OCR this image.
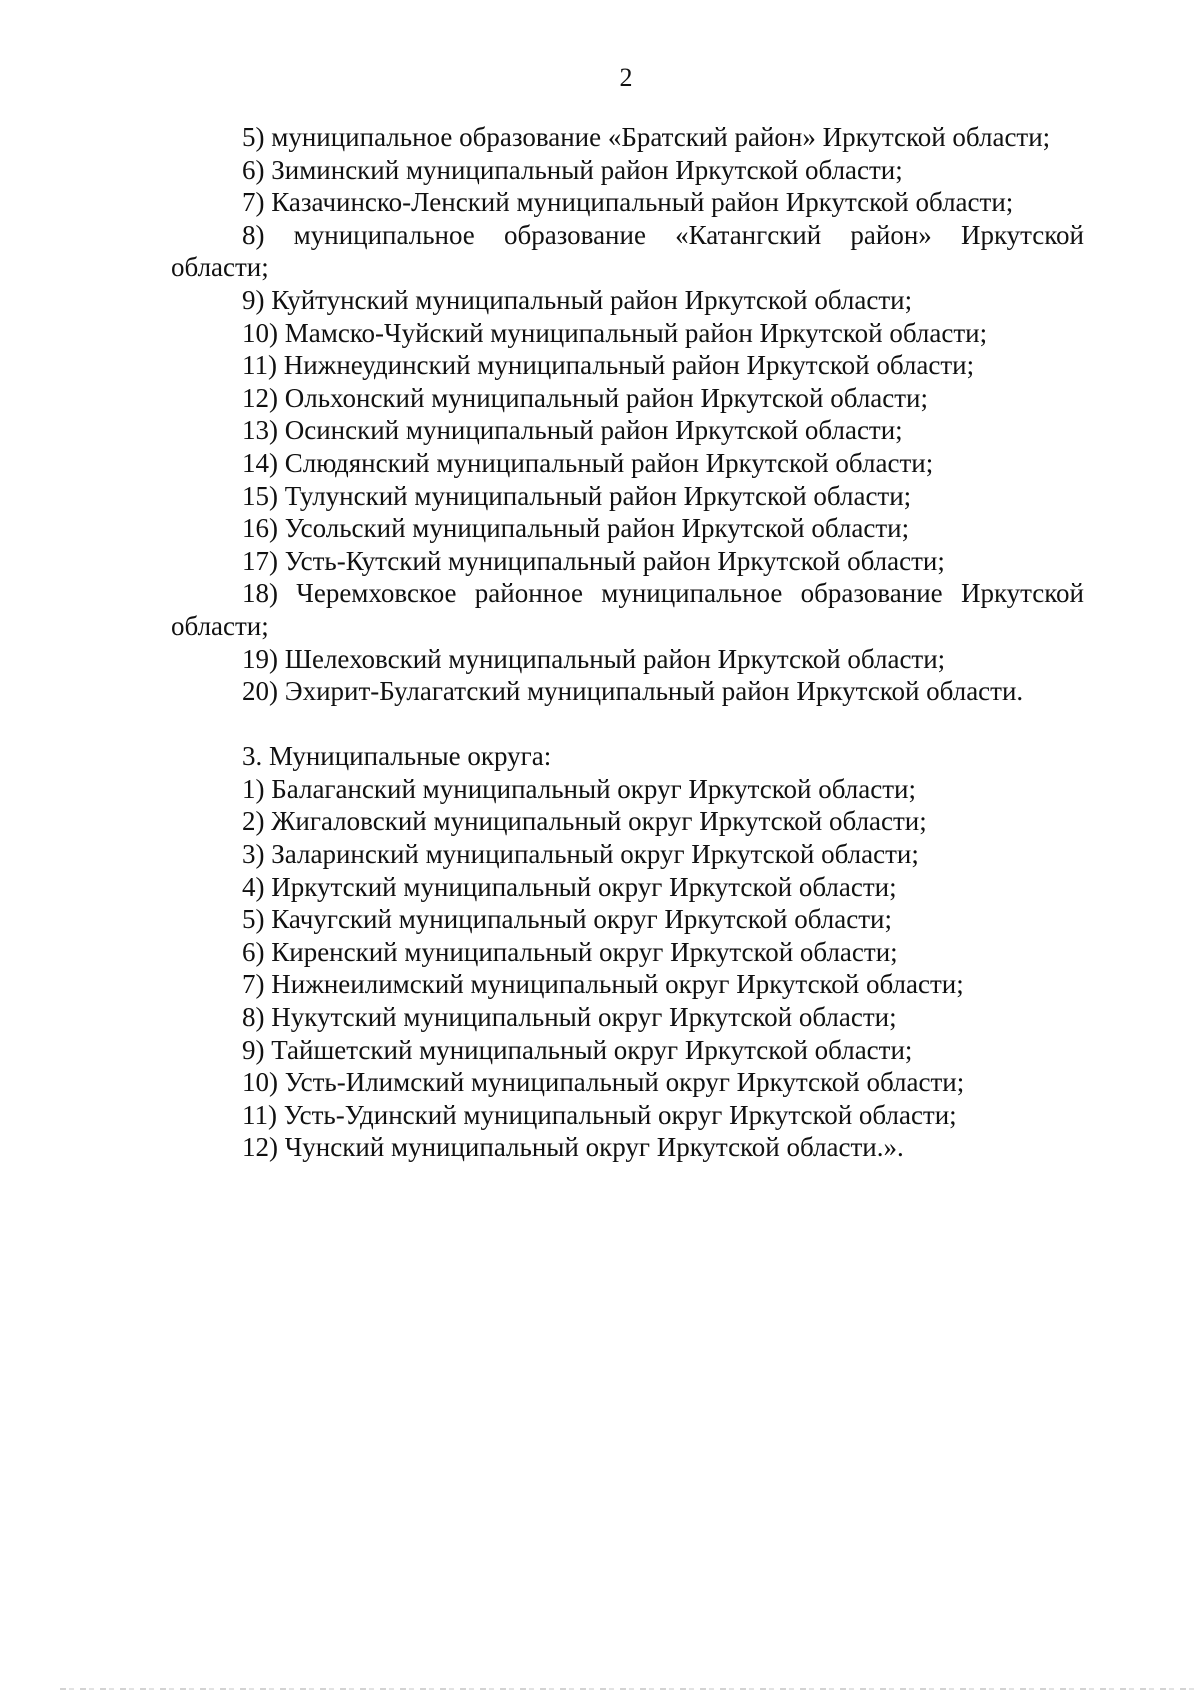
2

5) муниципальное образование «Братский район» Иркутской области;

6) Зиминский муниципальный район Иркутской области;

7) Казачинско-Ленский муниципальный район Иркутской области;

8) муниципальное образование «Катангский район» Иркутской области;

9) Куйтунский муниципальный район Иркутской области;

10) Мамско-Чуйский муниципальный район Иркутской области;

11) Нижнеудинский муниципальный район Иркутской области;

12) Ольхонский муниципальный район Иркутской области;

13) Осинский муниципальный район Иркутской области;

14) Слюдянский муниципальный район Иркутской области;

15) Тулунский муниципальный район Иркутской области;

16) Усольский муниципальный район Иркутской области;

17) Усть-Кутский муниципальный район Иркутской области;

18) Черемховское районное муниципальное образование Иркутской области;

19) Шелеховский муниципальный район Иркутской области;

20) Эхирит-Булагатский муниципальный район Иркутской области.

3. Муниципальные округа:

1) Балаганский муниципальный округ Иркутской области;

2) Жигаловский муниципальный округ Иркутской области;

3) Заларинский муниципальный округ Иркутской области;

4) Иркутский муниципальный округ Иркутской области;

5) Качугский муниципальный округ Иркутской области;

6) Киренский муниципальный округ Иркутской области;

7) Нижнеилимский муниципальный округ Иркутской области;

8) Нукутский муниципальный округ Иркутской области;

9) Тайшетский муниципальный округ Иркутской области;

10) Усть-Илимский муниципальный округ Иркутской области;

11) Усть-Удинский муниципальный округ Иркутской области;

12) Чунский муниципальный округ Иркутской области.».
